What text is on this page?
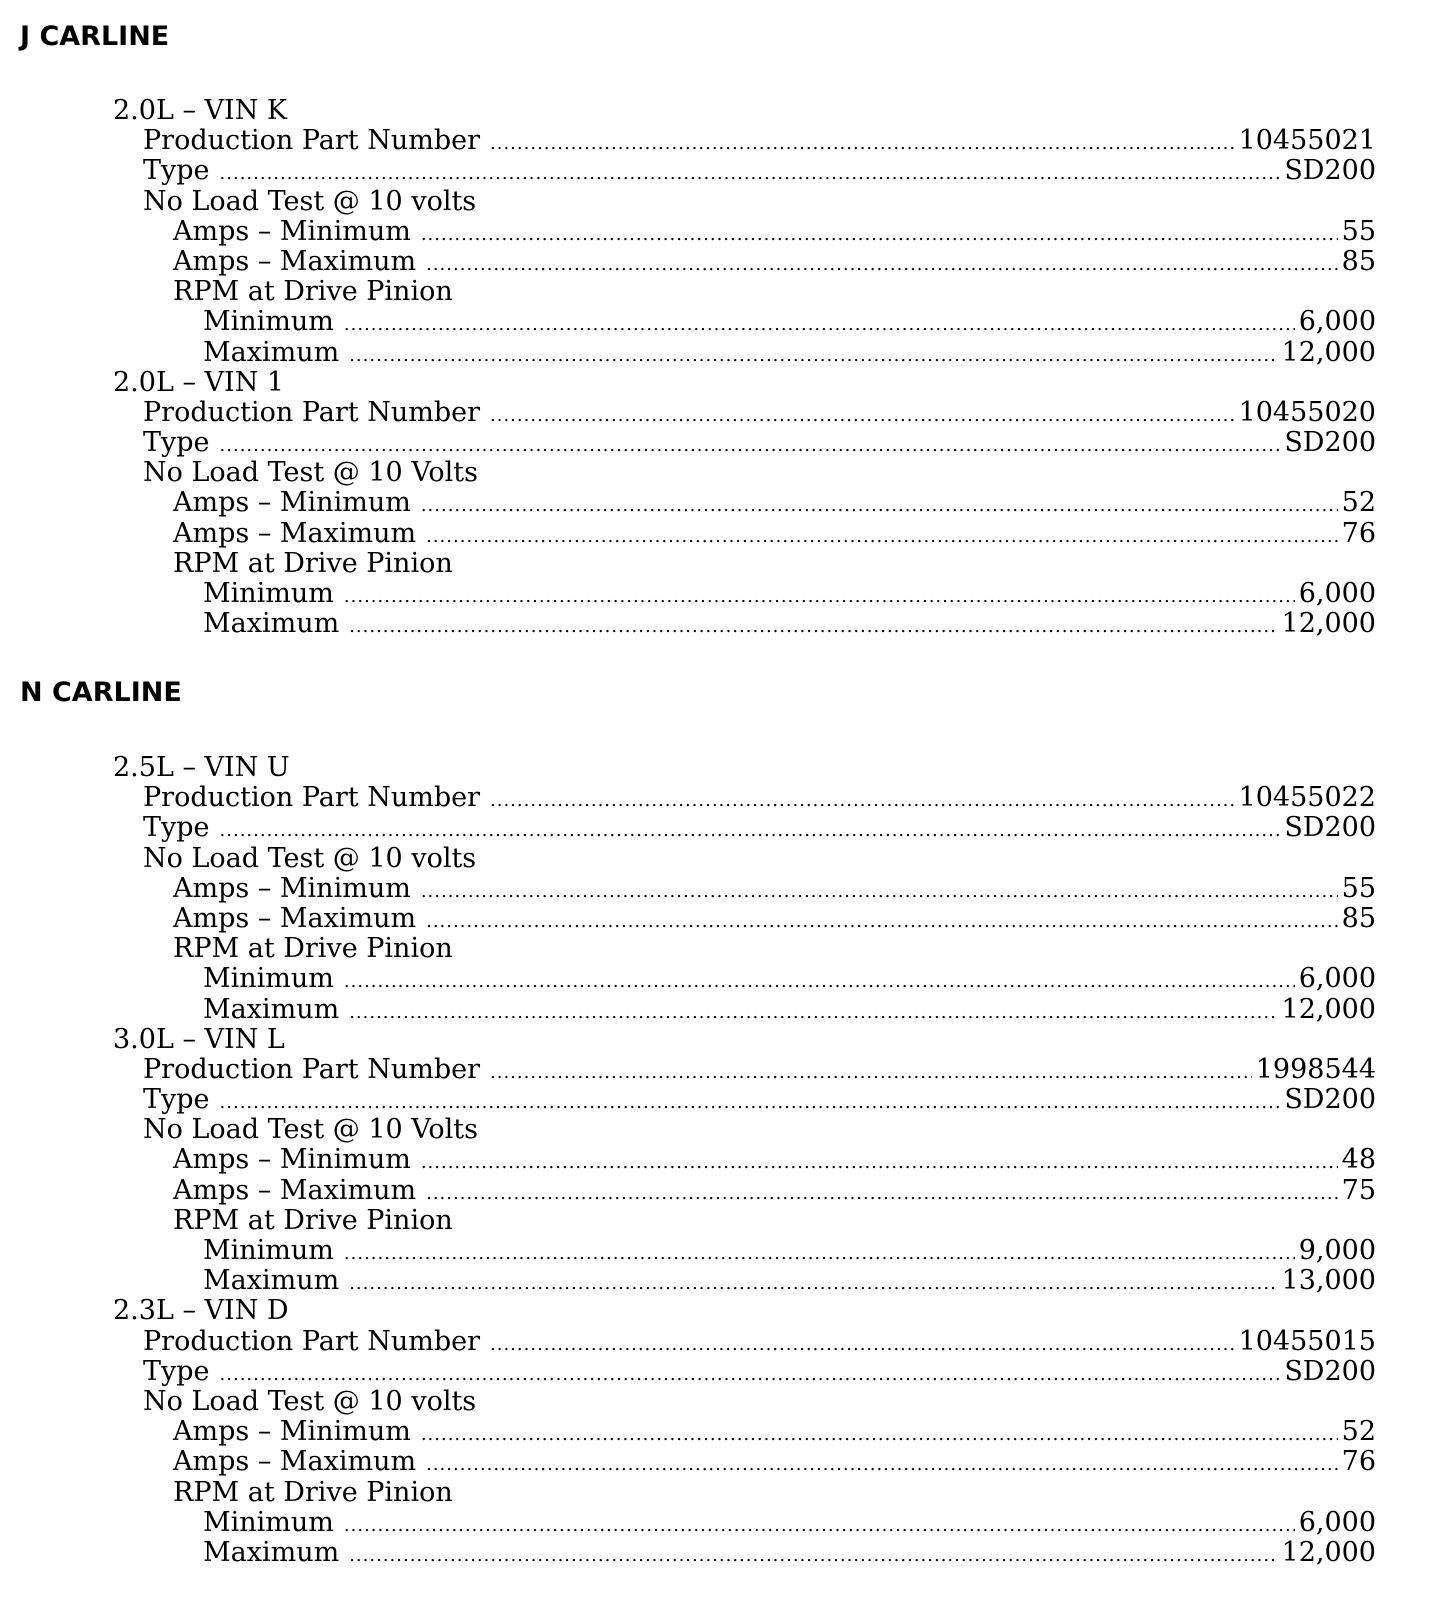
J CARLINE
2.0L – VIN K
Production Part Number .....	10455021
Type .....	SD200
No Load Test @ 10 volts
Amps – Minimum .....	55
Amps – Maximum .....	85
RPM at Drive Pinion
Minimum .....	6,000
Maximum .....	12,000
2.0L – VIN 1
Production Part Number .....	10455020
Type .....	SD200
No Load Test @ 10 Volts
Amps – Minimum .....	52
Amps – Maximum .....	76
RPM at Drive Pinion
Minimum .....	6,000
Maximum .....	12,000
N CARLINE
2.5L – VIN U
Production Part Number .....	10455022
Type .....	SD200
No Load Test @ 10 volts
Amps – Minimum .....	55
Amps – Maximum .....	85
RPM at Drive Pinion
Minimum .....	6,000
Maximum .....	12,000
3.0L – VIN L
Production Part Number .....	1998544
Type .....	SD200
No Load Test @ 10 Volts
Amps – Minimum .....	48
Amps – Maximum .....	75
RPM at Drive Pinion
Minimum .....	9,000
Maximum .....	13,000
2.3L – VIN D
Production Part Number .....	10455015
Type .....	SD200
No Load Test @ 10 volts
Amps – Minimum .....	52
Amps – Maximum .....	76
RPM at Drive Pinion
Minimum .....	6,000
Maximum .....	12,000
